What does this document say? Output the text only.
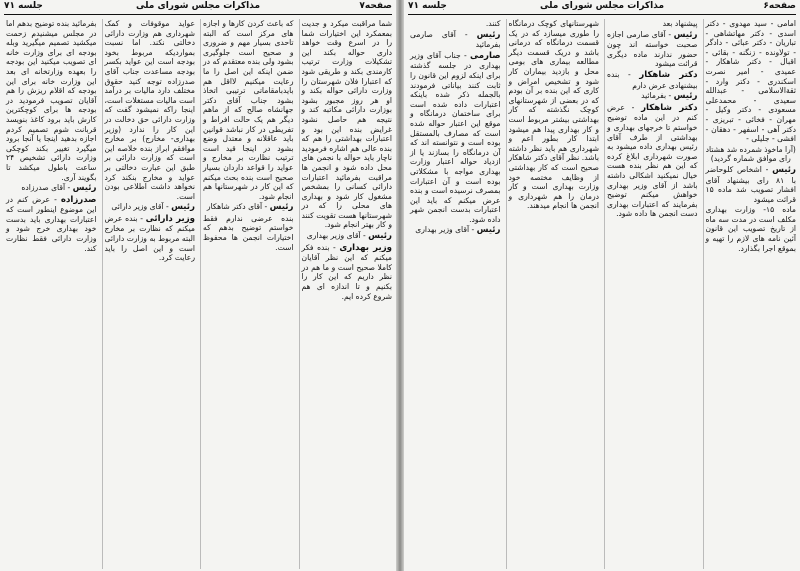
صفحه۶
مذاکرات مجلس شورای ملی
جلسه ۷۱

امامی - سید مهدوی - دکتر اسدی - دکتر مهاتشاهی - تباریان - دکتر عبائی - دادگر - تولاونده - زنگنه - بقائی - اقبال - دکتر شاهکار - عمیدی - امیر نصرت اسکندری - دکتر وارد - ثقةالاسلامی - عبدالله سعیدی - محمدعلی مسعودی - دکتر وکیل - مهران - فخائی - تبریزی - دکتر آهی - اسفهر - دهقان - افشی - جلیلی -

(آرا ماخوذ شمرده شد هشتاد رای موافق شماره گردید)

رئیس - اشخاص کلوحاضر با ۸۱ رای بیشنهاد آقای افشار تصویب شد ماده ۱۵ قرائت میشود

ماده ۱۵- وزارت بهداری مکلف است در مدت سه ماه از تاریخ تصویب این قانون آئین نامه های لازم را تهیه و بموقع اجرا بگذارد.

پیشنهاد بعد

رئیس - آقای صارمی اجازه صحبت خواسته اند چون حضور ندارند ماده دیگری قرائت میشود

دکتر شاهکار - بنده بیشنهادی عرض دارم

رئیس - بفرمائید

دکتر شاهکار - عرض کنم در این ماده توضیح خواستم تا خرجهای بهداری و بهداشتی از طرف آقای رئیس بهداری داده میشود به صورت شهرداری ابلاغ کرده که این هم نظر بنده هست خیال نمیکنید اشکالی داشته باشد از آقای وزیر بهداری خواهش میکنم توضیح بفرمایند که اعتبارات بهداری دست انجمن ها داده شود.

شهرستانهای کوچک درمانگاه را طوری میسازد که در یک قسمت درمانگاه که درمانی باشد و دریک قسمت دیگر مطالعه بیماری های بومی محل و بازدید بیماران کار شود و تشخیص امراض و کاری که این بنده بر آن بودم که در بعضی از شهرستانهای کوچک نگذشته که کار بهداشتی بیشتر مربوط است و کار بهداری پیدا هم میشود ابتدا کار بطور اعم و شهرداری هم باید نظر داشته باشد. نظر آقای دکتر شاهکار صحیح است که کار بهداشتی از وظایف مختصه خود وزارت بهداری است و کار درمان را هم شهرداری و انجمن ها انجام میدهند.

کنند.

رئیس - آقای صارمی بفرمائید

صارمی - جناب آقای وزیر بهداری در جلسه گذشته برای اینکه لزوم این قانون را ثابت کنند بیاناتی فرمودند بالجمله ذکر شده باینکه اعتبارات داده شده است برای ساختمان درمانگاه و موقع این اعتبار حواله شده است که مصارف بالمستقل بوده است و نتوانسته اند که آن درمانگاه را بسازند یا از ازدیاد حواله اعتبار وزارت بهداری مواجه با مشکلاتی بوده است و آن اعتبارات بمصرف نرسیده است و بنده عرض میکنم که باید این اعتبارات بدست انجمن شهر داده شود.

رئیس - آقای وزیر بهداری

صفحه۷
مذاکرات مجلس شورای ملی
جلسه ۷۱

شما مراقبت میکرد و جدیت بمعمکرد این اختیارات شما را در اسرع وقت خواهد داری حواله بکند این تشکیلات وزارت ترتیب کارمندی بکند و طریقی شود که اعتبارا فلان شهرستان را وزارت دارائی حواله بکند و او هر روز مجبور بشود بوزارت دارائی مکاتبه کند و نتیجه هم حاصل نشود غرایض بنده این بود و اعتبارات بهداشتی را هم که بنده عالی هم اشاره فرمودید ناچار باید حواله با نجمن های محل داده شود و انجمن ها مراقبت بفرمائید اعتبارات دارائی کسانی را بمشخص مشغول کار شود و بهداری های محلی را که در شهرستانها هست تقویت کنند و کار بهتر انجام شود.

رئیس - آقای وزیر بهداری

وزیر بهداری - بنده فکر میکنم که این نظر آقایان کاملا صحیح است و ما هم در نظر داریم که این کار را بکنیم و تا اندازه ای هم شروع کرده ایم.

که باعث کردن کارها و اجازه های مرکز است که البته تاحدی بسیار مهم و ضروری و صحیح است جلوگیری بشود ولی بنده معتقدم که در ضمن اینکه این اصل را ما رعایت میکنیم لااقل هم بایدبامقاماتی ترتیبی اتخاذ بشود جناب آقای دکتر جهانشاه صالح که از ماهم دیگر هم یک حالت افراط و تفریطی در کار نباشد قوانین باید عاقلانه و معتدل وضع بشود در اینجا قید است ترتیب نظارت بر مخارج و عواید را قواعد داردان بسیار صحیح است بنده بحث میکنم که این کار در شهرستانها هم انجام شود.

رئیس - آقای دکتر شاهکار

بنده عرضی ندارم فقط خواستم توضیح بدهم که اختیارات انجمن ها محفوظ است.

عواید موقوفات و کمک شهرداری هم وزارت دارائی دخالتی نکند. اما نسبت بمواردیکه مربوط بخود بودجه است این عواید بکسر بودجه مساعدت جناب آقای صدرزاده توجه کنید حقوق مختلف دارد مالیات بر درآمد است مالیات مستغلات است، اینجا راکه نمیشود گفت که وزارت دارائی حق دخالت در این کار را ندارد (وزیر بهداری- مخارج) بر مخارج موافقم ابراز بنده خلاصه این است که وزارت دارائی بر طبق این عبارت دخالتی بر عواید و مخارج بنکند کرد نخواهد داشت اطلاعی بودن است.

رئیس - آقای وزیر دارائی

وزیر دارائی - بنده عرض میکنم که نظارت بر مخارج البته مربوط به وزارت دارائی است و این اصل را باید رعایت کرد.

بفرمائید بنده توضیح بدهم اما در مجلس میشنیدم زحمت میکشید تصمیم میگیرید وبله بودجه ای برای وزارت خانه ای تصویب میکنید این بودجه را بعهده وزارتخانه ای بعد این وزارت خانه برای این بودجه که اقلام ریزش را هم آقایان تصویب فرمودید در بودجه ها برای کوچکترین کارش باید برود کاغذ بنویسد قربانت شوم تصمیم کردم اجازه بدهید اینجا یا آنجا برود میگیرد تغییر بکند کوچکی وزارت دارائی تشخیص ۲۴ ساعت باطول میکشد تا بگویند آری.

رئیس - آقای صدرزاده

صدرزاده - عرض کنم در این موضوع اینطور است که اعتبارات بهداری باید بدست خود بهداری خرج شود و وزارت دارائی فقط نظارت کند.
